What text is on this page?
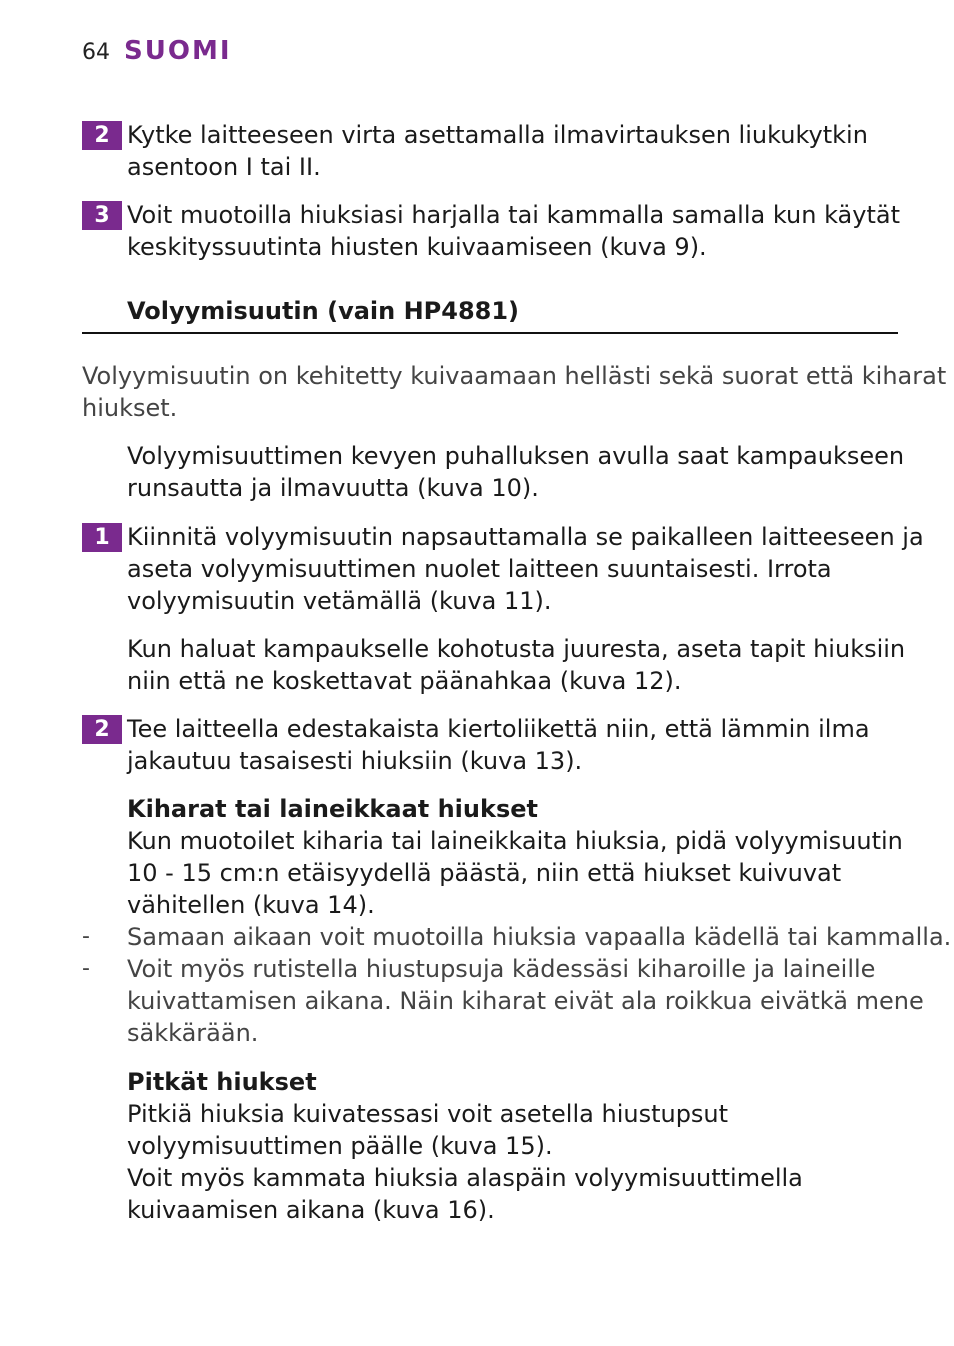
64 SUOMI
2 Kytke laitteeseen virta asettamalla ilmavirtauksen liukukytkin
asentoon I tai II.
3 Voit muotoilla hiuksiasi harjalla tai kammalla samalla kun käytät
keskityssuutinta hiusten kuivaamiseen (kuva 9).
Volyymisuutin (vain HP4881)
Volyymisuutin on kehitetty kuivaamaan hellästi sekä suorat että kiharat
hiukset.
Volyymisuuttimen kevyen puhalluksen avulla saat kampaukseen
runsautta ja ilmavuutta (kuva 10).
1 Kiinnitä volyymisuutin napsauttamalla se paikalleen laitteeseen ja
aseta volyymisuuttimen nuolet laitteen suuntaisesti. Irrota
volyymisuutin vetämällä (kuva 11).
Kun haluat kampaukselle kohotusta juuresta, aseta tapit hiuksiin
niin että ne koskettavat päänahkaa (kuva 12).
2 Tee laitteella edestakaista kiertoliikettä niin, että lämmin ilma
jakautuu tasaisesti hiuksiin (kuva 13).
Kiharat tai laineikkaat hiukset
Kun muotoilet kiharia tai laineikkaita hiuksia, pidä volyymisuutin
10 - 15 cm:n etäisyydellä päästä, niin että hiukset kuivuvat
vähitellen (kuva 14).
- Samaan aikaan voit muotoilla hiuksia vapaalla kädellä tai kammalla.
- Voit myös rutistella hiustupsuja kädessäsi kiharoille ja laineille
kuivattamisen aikana. Näin kiharat eivät ala roikkua eivätkä mene
säkkärään.
Pitkät hiukset
Pitkiä hiuksia kuivatessasi voit asetella hiustupsut
volyymisuuttimen päälle (kuva 15).
Voit myös kammata hiuksia alaspäin volyymisuuttimella
kuivaamisen aikana (kuva 16).
